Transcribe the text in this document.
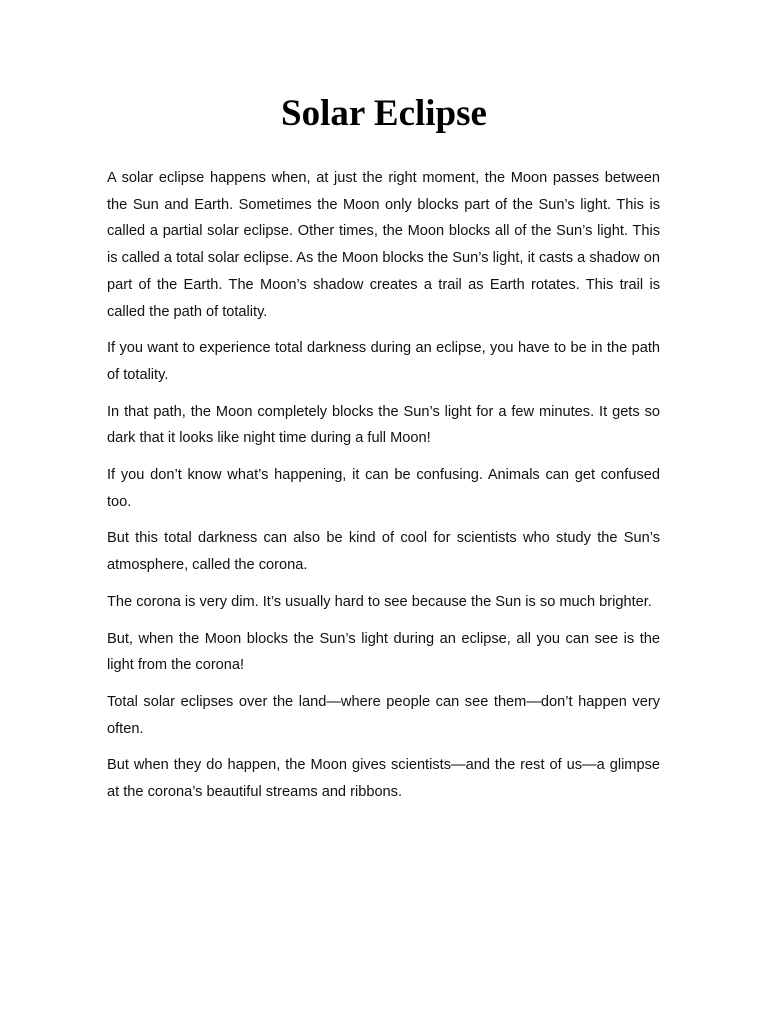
Solar Eclipse

A solar eclipse happens when, at just the right moment, the Moon passes between the Sun and Earth. Sometimes the Moon only blocks part of the Sun’s light. This is called a partial solar eclipse. Other times, the Moon blocks all of the Sun’s light. This is called a total solar eclipse. As the Moon blocks the Sun’s light, it casts a shadow on part of the Earth. The Moon’s shadow creates a trail as Earth rotates. This trail is called the path of totality.

If you want to experience total darkness during an eclipse, you have to be in the path of totality.

In that path, the Moon completely blocks the Sun’s light for a few minutes. It gets so dark that it looks like night time during a full Moon!

If you don’t know what’s happening, it can be confusing. Animals can get confused too.

But this total darkness can also be kind of cool for scientists who study the Sun’s atmosphere, called the corona.

The corona is very dim. It’s usually hard to see because the Sun is so much brighter.

But, when the Moon blocks the Sun’s light during an eclipse, all you can see is the light from the corona!

Total solar eclipses over the land—where people can see them—don’t happen very often.

But when they do happen, the Moon gives scientists—and the rest of us—a glimpse at the corona’s beautiful streams and ribbons.
